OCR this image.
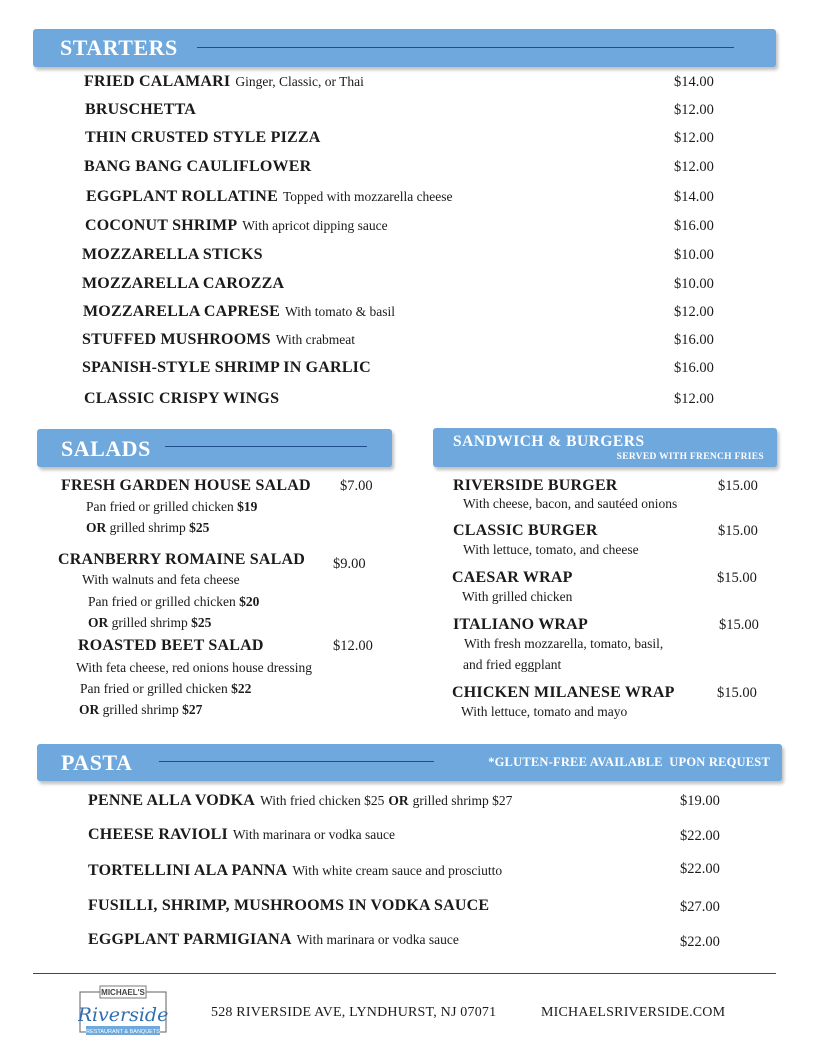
STARTERS
FRIED CALAMARI Ginger, Classic, or Thai	$14.00
BRUSCHETTA	$12.00
THIN CRUSTED STYLE PIZZA	$12.00
BANG BANG CAULIFLOWER	$12.00
EGGPLANT ROLLATINE Topped with mozzarella cheese	$14.00
COCONUT SHRIMP With apricot dipping sauce	$16.00
MOZZARELLA STICKS	$10.00
MOZZARELLA CAROZZA	$10.00
MOZZARELLA CAPRESE With tomato & basil	$12.00
STUFFED MUSHROOMS With crabmeat	$16.00
SPANISH-STYLE SHRIMP IN GARLIC	$16.00
CLASSIC CRISPY WINGS	$12.00
SALADS
FRESH GARDEN HOUSE SALAD $7.00
Pan fried or grilled chicken $19
OR grilled shrimp $25
CRANBERRY ROMAINE SALAD $9.00
With walnuts and feta cheese
Pan fried or grilled chicken $20
OR grilled shrimp $25
ROASTED BEET SALAD	$12.00
With feta cheese, red onions house dressing
Pan fried or grilled chicken $22
OR grilled shrimp $27
SANDWICH & BURGERS
SERVED WITH FRENCH FRIES
RIVERSIDE BURGER	$15.00
With cheese, bacon, and sautéed onions
CLASSIC BURGER	$15.00
With lettuce, tomato, and cheese
CAESAR WRAP	$15.00
With grilled chicken
ITALIANO WRAP	$15.00
With fresh mozzarella, tomato, basil,
and fried eggplant
CHICKEN MILANESE WRAP	$15.00
With lettuce, tomato and mayo
PASTA	*GLUTEN-FREE AVAILABLE  UPON REQUEST
PENNE ALLA VODKA With fried chicken $25 OR grilled shrimp $27	$19.00
CHEESE RAVIOLI With marinara or vodka sauce	$22.00
TORTELLINI ALA PANNA With white cream sauce and prosciutto	$22.00
FUSILLI, SHRIMP, MUSHROOMS IN VODKA SAUCE	$27.00
EGGPLANT PARMIGIANA With marinara or vodka sauce	$22.00
MICHAEL'S
Riverside
RESTAURANT & BANQUETS
528 RIVERSIDE AVE, LYNDHURST, NJ 07071	MICHAELSRIVERSIDE.COM
